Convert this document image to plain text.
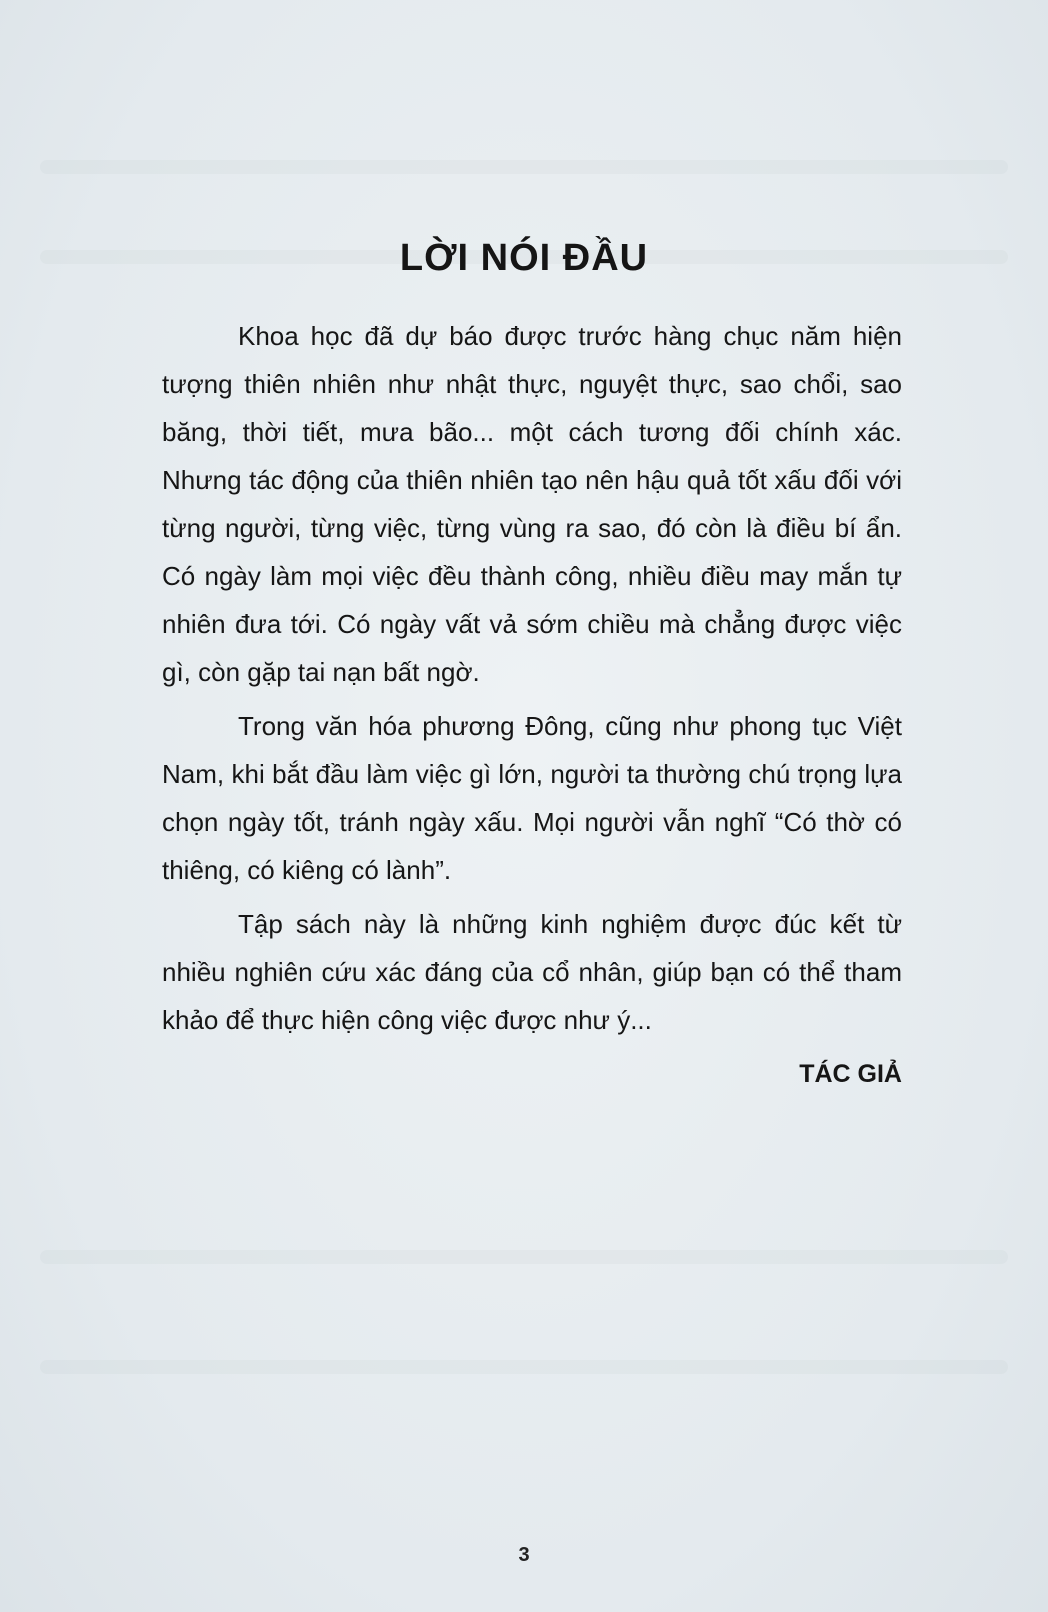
LỜI NÓI ĐẦU

Khoa học đã dự báo được trước hàng chục năm hiện tượng thiên nhiên như nhật thực, nguyệt thực, sao chổi, sao băng, thời tiết, mưa bão... một cách tương đối chính xác. Nhưng tác động của thiên nhiên tạo nên hậu quả tốt xấu đối với từng người, từng việc, từng vùng ra sao, đó còn là điều bí ẩn. Có ngày làm mọi việc đều thành công, nhiều điều may mắn tự nhiên đưa tới. Có ngày vất vả sớm chiều mà chẳng được việc gì, còn gặp tai nạn bất ngờ.

Trong văn hóa phương Đông, cũng như phong tục Việt Nam, khi bắt đầu làm việc gì lớn, người ta thường chú trọng lựa chọn ngày tốt, tránh ngày xấu. Mọi người vẫn nghĩ “Có thờ có thiêng, có kiêng có lành”.

Tập sách này là những kinh nghiệm được đúc kết từ nhiều nghiên cứu xác đáng của cổ nhân, giúp bạn có thể tham khảo để thực hiện công việc được như ý...

TÁC GIẢ
3
